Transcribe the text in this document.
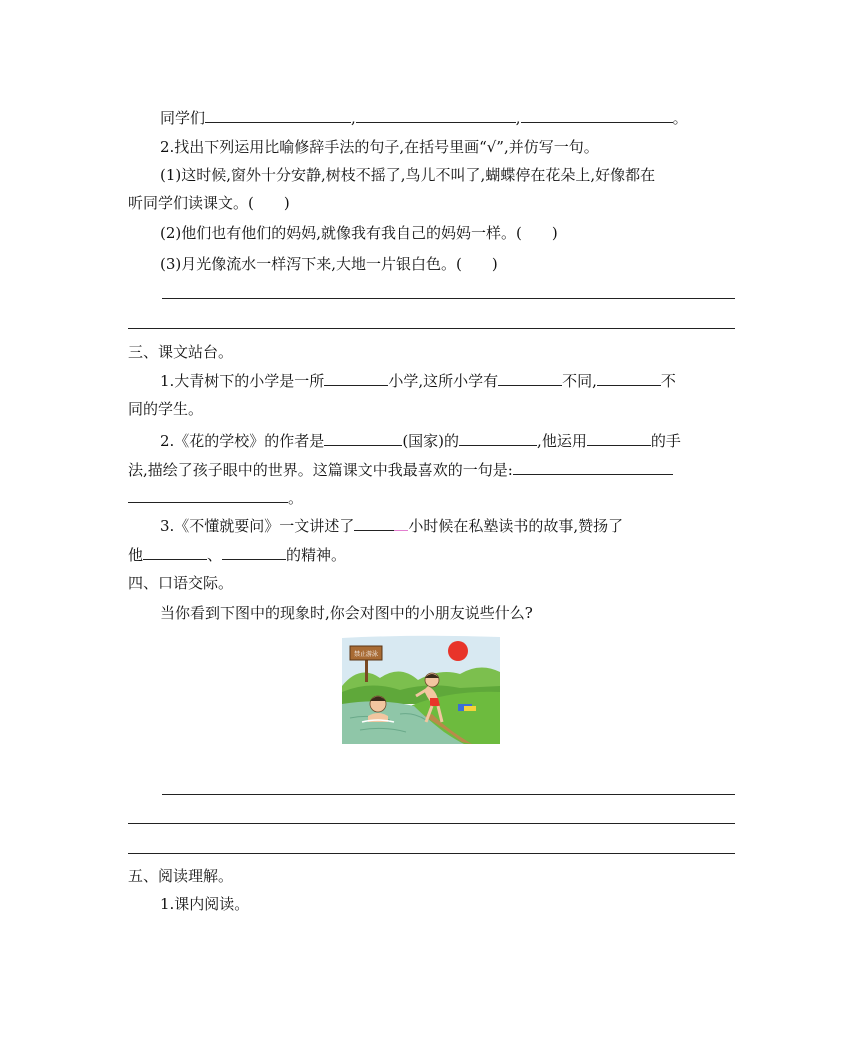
同学们	,	,	。
2.找出下列运用比喻修辞手法的句子,在括号里画“√”,并仿写一句。
(1)这时候,窗外十分安静,树枝不摇了,鸟儿不叫了,蝴蝶停在花朵上,好像都在
听同学们读课文。(　　)
(2)他们也有他们的妈妈,就像我有我自己的妈妈一样。(　　)
(3)月光像流水一样泻下来,大地一片银白色。(　　)
三、课文站台。
1.大青树下的小学是一所	小学,这所小学有	不同,	不
同的学生。
2.《花的学校》的作者是	(国家)的	,他运用	的手
法,描绘了孩子眼中的世界。这篇课文中我最喜欢的一句是:
。
3.《不懂就要问》一文讲述了	小时候在私塾读书的故事,赞扬了
他	、	的精神。
四、口语交际。
当你看到下图中的现象时,你会对图中的小朋友说些什么?
禁止游泳
五、阅读理解。
1.课内阅读。
